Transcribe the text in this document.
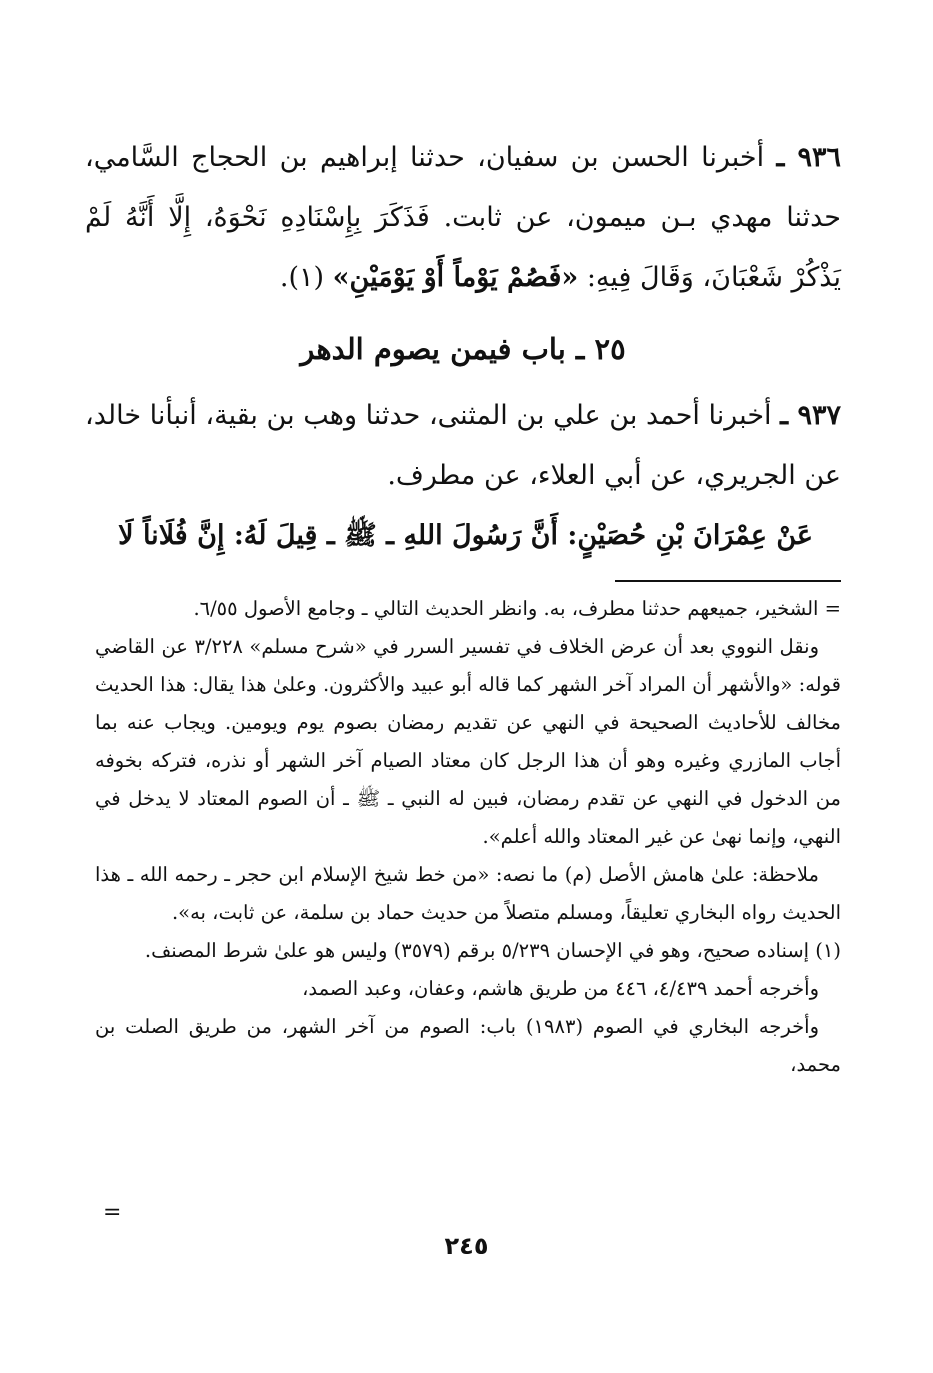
٩٣٦ ـ أخبرنا الحسن بن سفيان، حدثنا إبراهيم بن الحجاج السَّامي، حدثنا مهدي بـن ميمون، عن ثابت. فَذَكَرَ بِإِسْنَادِهِ نَحْوَهُ، إِلَّا أَنَّهُ لَمْ يَذْكُرْ شَعْبَانَ، وَقَالَ فِيهِ: «فَصُمْ يَوْماً أَوْ يَوْمَيْنِ» (١).

٢٥ ـ باب فيمن يصوم الدهر

٩٣٧ ـ أخبرنا أحمد بن علي بن المثنى، حدثنا وهب بن بقية، أنبأنا خالد، عن الجريري، عن أبي العلاء، عن مطرف.

عَنْ عِمْرَانَ بْنِ حُصَيْنٍ: أَنَّ رَسُولَ اللهِ ـ ﷺ ـ قِيلَ لَهُ: إِنَّ فُلَاناً لَا

= الشخير، جميعهم حدثنا مطرف، به. وانظر الحديث التالي ـ وجامع الأصول ٦/٥٥.

ونقل النووي بعد أن عرض الخلاف في تفسير السرر في «شرح مسلم» ٣/٢٢٨ عن القاضي قوله: «والأشهر أن المراد آخر الشهر كما قاله أبو عبيد والأكثرون. وعلىٰ هذا يقال: هذا الحديث مخالف للأحاديث الصحيحة في النهي عن تقديم رمضان بصوم يوم ويومين. ويجاب عنه بما أجاب المازري وغيره وهو أن هذا الرجل كان معتاد الصيام آخر الشهر أو نذره، فتركه بخوفه من الدخول في النهي عن تقدم رمضان، فبين له النبي ـ ﷺ ـ أن الصوم المعتاد لا يدخل في النهي، وإنما نهىٰ عن غير المعتاد والله أعلم».

ملاحظة: علىٰ هامش الأصل (م) ما نصه: «من خط شيخ الإسلام ابن حجر ـ رحمه الله ـ هذا الحديث رواه البخاري تعليقاً، ومسلم متصلاً من حديث حماد بن سلمة، عن ثابت، به».

(١) إسناده صحيح، وهو في الإحسان ٥/٢٣٩ برقم (٣٥٧٩) وليس هو علىٰ شرط المصنف.

وأخرجه أحمد ٤/٤٣٩، ٤٤٦ من طريق هاشم، وعفان، وعبد الصمد،

وأخرجه البخاري في الصوم (١٩٨٣) باب: الصوم من آخر الشهر، من طريق الصلت بن محمد،

=
٢٤٥
